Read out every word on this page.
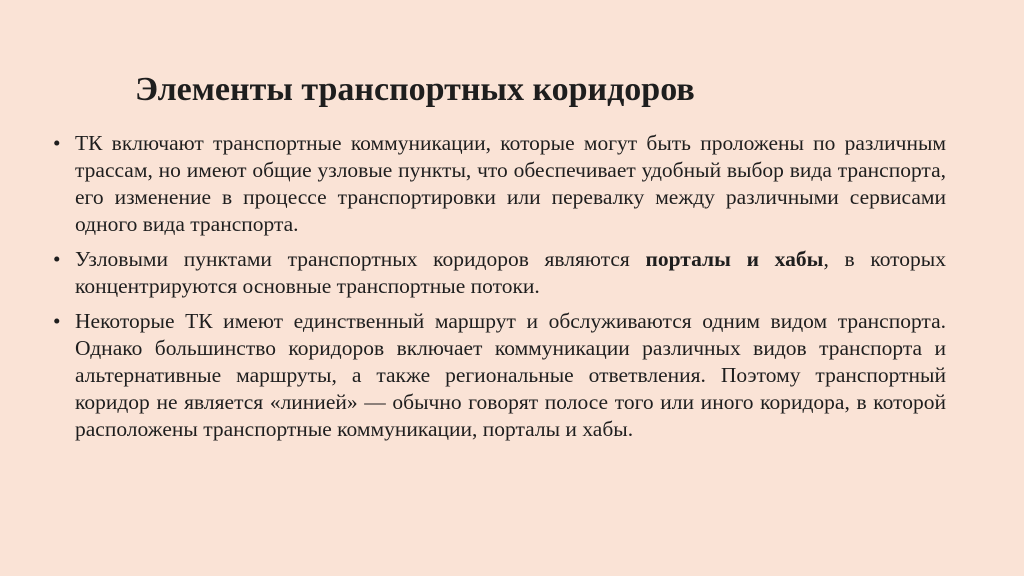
Элементы транспортных коридоров
• ТК включают транспортные коммуникации, которые могут быть проложены по различным трассам, но имеют общие узловые пункты, что обеспечивает удобный выбор вида транспорта, его изменение в процессе транспортировки или перевалку между различными сервисами одного вида транспорта.
• Узловыми пунктами транспортных коридоров являются порталы и хабы, в которых концентрируются основные транспортные потоки.
• Некоторые ТК имеют единственный маршрут и обслуживаются одним видом транспорта. Однако большинство коридоров включает коммуникации различных видов транспорта и альтернативные маршруты, а также региональные ответвления. Поэтому транспортный коридор не является «линией» — обычно говорят полосе того или иного коридора, в которой расположены транспортные коммуникации, порталы и хабы.
